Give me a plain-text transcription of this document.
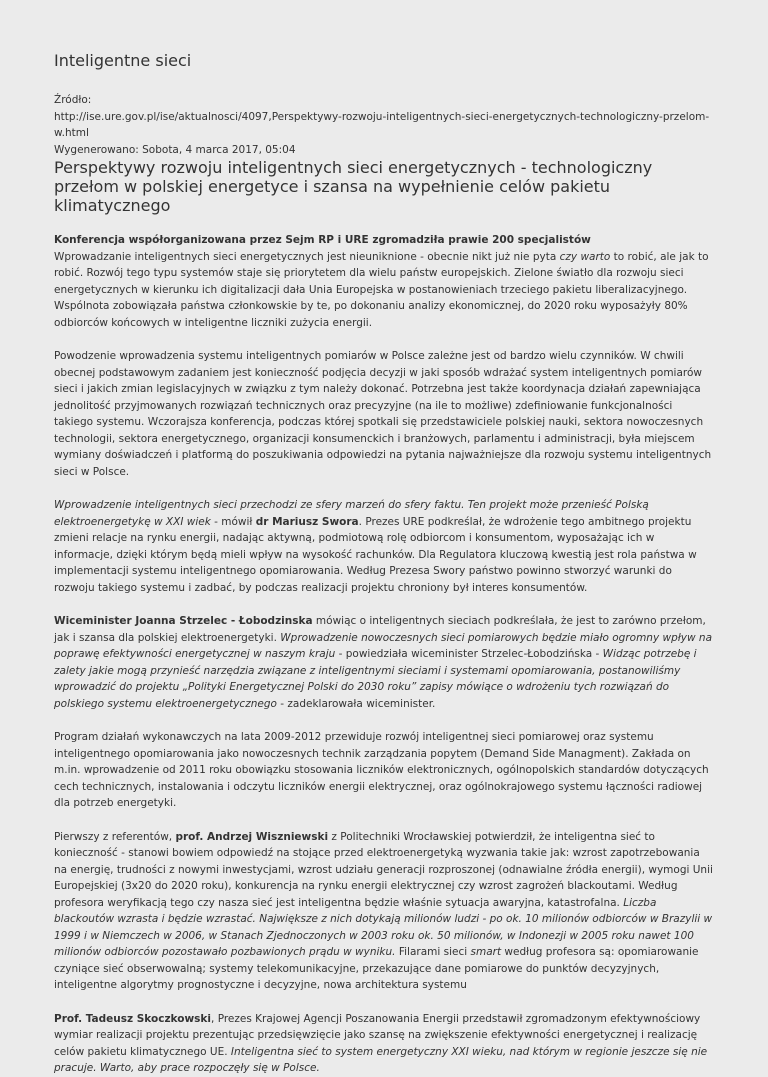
Inteligentne sieci
Źródło:
http://ise.ure.gov.pl/ise/aktualnosci/4097,Perspektywy-rozwoju-inteligentnych-sieci-energetycznych-technologiczny-przelom-w.html
Wygenerowano: Sobota, 4 marca 2017, 05:04
Perspektywy rozwoju inteligentnych sieci energetycznych - technologiczny przełom w polskiej energetyce i szansa na wypełnienie celów pakietu klimatycznego
Konferencja współorganizowana przez Sejm RP i URE zgromadziła prawie 200 specjalistów

Wprowadzanie inteligentnych sieci energetycznych jest nieuniknione - obecnie nikt już nie pyta czy warto to robić, ale jak to robić. Rozwój tego typu systemów staje się priorytetem dla wielu państw europejskich. Zielone światło dla rozwoju sieci energetycznych w kierunku ich digitalizacji dała Unia Europejska w postanowieniach trzeciego pakietu liberalizacyjnego. Wspólnota zobowiązała państwa członkowskie by te, po dokonaniu analizy ekonomicznej, do 2020 roku wyposażyły 80% odbiorców końcowych w inteligentne liczniki zużycia energii.

Powodzenie wprowadzenia systemu inteligentnych pomiarów w Polsce zależne jest od bardzo wielu czynników. W chwili obecnej podstawowym zadaniem jest konieczność podjęcia decyzji w jaki sposób wdrażać system inteligentnych pomiarów sieci i jakich zmian legislacyjnych w związku z tym należy dokonać. Potrzebna jest także koordynacja działań zapewniająca jednolitość przyjmowanych rozwiązań technicznych oraz precyzyjne (na ile to możliwe) zdefiniowanie funkcjonalności takiego systemu. Wczorajsza konferencja, podczas której spotkali się przedstawiciele polskiej nauki, sektora nowoczesnych technologii, sektora energetycznego, organizacji konsumenckich i branżowych, parlamentu i administracji, była miejscem wymiany doświadczeń i platformą do poszukiwania odpowiedzi na pytania najważniejsze dla rozwoju systemu inteligentnych sieci w Polsce.

Wprowadzenie inteligentnych sieci przechodzi ze sfery marzeń do sfery faktu. Ten projekt może przenieść Polską elektroenergetykę w XXI wiek - mówił dr Mariusz Swora. Prezes URE podkreślał, że wdrożenie tego ambitnego projektu zmieni relacje na rynku energii, nadając aktywną, podmiotową rolę odbiorcom i konsumentom, wyposażając ich w informacje, dzięki którym będą mieli wpływ na wysokość rachunków. Dla Regulatora kluczową kwestią jest rola państwa w implementacji systemu inteligentnego opomiarowania. Według Prezesa Swory państwo powinno stworzyć warunki do rozwoju takiego systemu i zadbać, by podczas realizacji projektu chroniony był interes konsumentów.

Wiceminister Joanna Strzelec - Łobodzinska mówiąc o inteligentnych sieciach podkreślała, że jest to zarówno przełom, jak i szansa dla polskiej elektroenergetyki. Wprowadzenie nowoczesnych sieci pomiarowych będzie miało ogromny wpływ na poprawę efektywności energetycznej w naszym kraju - powiedziała wiceminister Strzelec-Łobodzińska - Widząc potrzebę i zalety jakie mogą przynieść narzędzia związane z inteligentnymi sieciami i systemami opomiarowania, postanowiliśmy wprowadzić do projektu „Polityki Energetycznej Polski do 2030 roku” zapisy mówiące o wdrożeniu tych rozwiązań do polskiego systemu elektroenergetycznego - zadeklarowała wiceminister.

Program działań wykonawczych na lata 2009-2012 przewiduje rozwój inteligentnej sieci pomiarowej oraz systemu inteligentnego opomiarowania jako nowoczesnych technik zarządzania popytem (Demand Side Managment). Zakłada on m.in. wprowadzenie od 2011 roku obowiązku stosowania liczników elektronicznych, ogólnopolskich standardów dotyczących cech technicznych, instalowania i odczytu liczników energii elektrycznej, oraz ogólnokrajowego systemu łączności radiowej dla potrzeb energetyki.

Pierwszy z referentów, prof. Andrzej Wiszniewski z Politechniki Wrocławskiej potwierdził, że inteligentna sieć to konieczność - stanowi bowiem odpowiedź na stojące przed elektroenergetyką wyzwania takie jak: wzrost zapotrzebowania na energię, trudności z nowymi inwestycjami, wzrost udziału generacji rozproszonej (odnawialne źródła energii), wymogi Unii Europejskiej (3x20 do 2020 roku), konkurencja na rynku energii elektrycznej czy wzrost zagrożeń blackoutami. Według profesora weryfikacją tego czy nasza sieć jest inteligentna będzie właśnie sytuacja awaryjna, katastrofalna. Liczba blackoutów wzrasta i będzie wzrastać. Największe z nich dotykają milionów ludzi - po ok. 10 milionów odbiorców w Brazylii w 1999 i w Niemczech w 2006, w Stanach Zjednoczonych w 2003 roku ok. 50 milionów, w Indonezji w 2005 roku nawet 100 milionów odbiorców pozostawało pozbawionych prądu w wyniku. Filarami sieci smart według profesora są: opomiarowanie czyniące sieć obserwowalną; systemy telekomunikacyjne, przekazujące dane pomiarowe do punktów decyzyjnych, inteligentne algorytmy prognostyczne i decyzyjne, nowa architektura systemu

Prof. Tadeusz Skoczkowski, Prezes Krajowej Agencji Poszanowania Energii przedstawił zgromadzonym efektywnościowy wymiar realizacji projektu prezentując przedsięwzięcie jako szansę na zwiększenie efektywności energetycznej i realizację celów pakietu klimatycznego UE. Inteligentna sieć to system energetyczny XXI wieku, nad którym w regionie jeszcze się nie pracuje. Warto, aby prace rozpoczęły się w Polsce.
